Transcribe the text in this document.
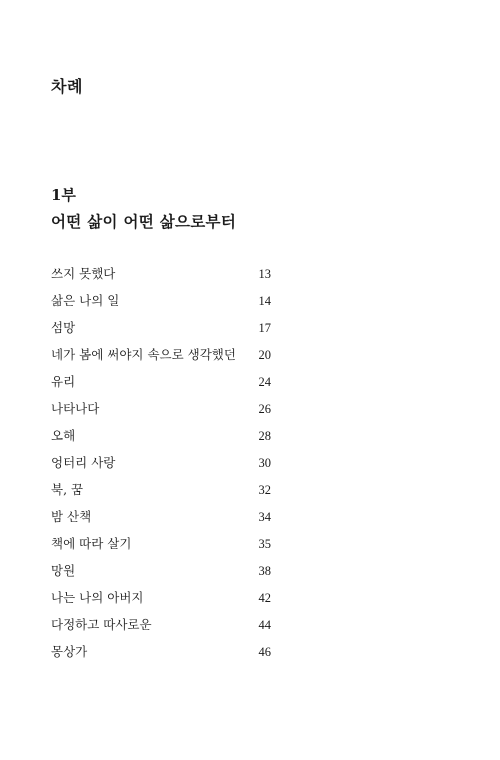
차례
1부
어떤 삶이 어떤 삶으로부터
쓰지 못했다	13
삶은 나의 일	14
섬망	17
네가 봄에 써야지 속으로 생각했던 20
유리	24
나타나다	26
오해	28
엉터리 사랑	30
북, 꿈	32
밤 산책	34
책에 따라 살기	35
망원	38
나는 나의 아버지	42
다정하고 따사로운	44
몽상가	46
